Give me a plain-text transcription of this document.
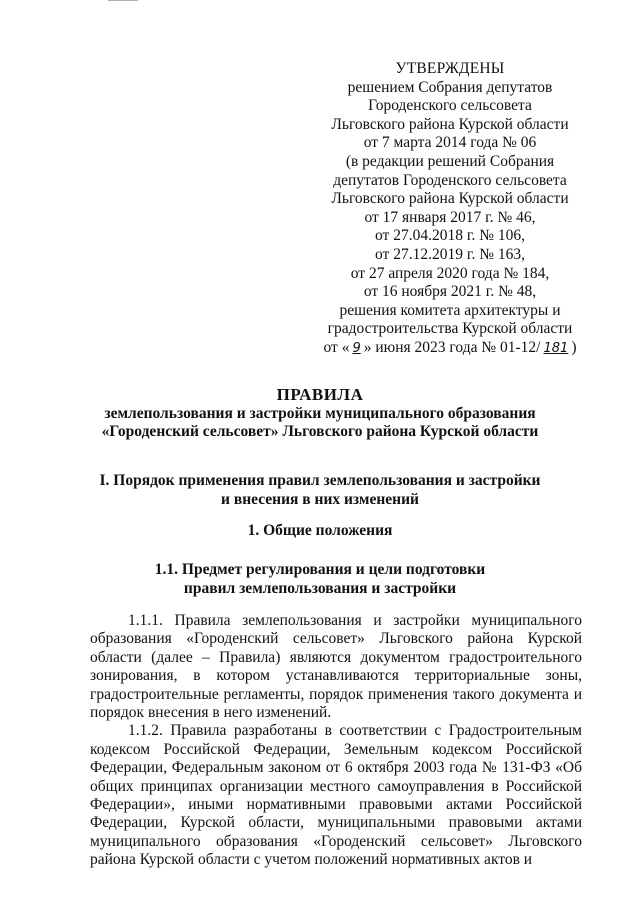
УТВЕРЖДЕНЫ
решением Собрания депутатов
Городенского сельсовета
Льговского района Курской области
от 7 марта 2014 года № 06
(в редакции решений Собрания
депутатов Городенского сельсовета
Льговского района Курской области
от 17 января 2017 г. № 46,
от 27.04.2018 г. № 106,
от 27.12.2019 г. № 163,
от 27 апреля 2020 года № 184,
от 16 ноября 2021 г. № 48,
решения комитета архитектуры и
градостроительства Курской области
от « 9 » июня 2023 года № 01-12/ 181 )
ПРАВИЛА
землепользования и застройки муниципального образования
«Городенский сельсовет» Льговского района Курской области
I. Порядок применения правил землепользования и застройки
и внесения в них изменений
1. Общие положения
1.1. Предмет регулирования и цели подготовки
правил землепользования и застройки

1.1.1. Правила землепользования и застройки муниципального образования «Городенский сельсовет» Льговского района Курской области (далее – Правила) являются документом градостроительного зонирования, в котором устанавливаются территориальные зоны, градостроительные регламенты, порядок применения такого документа и порядок внесения в него изменений.

1.1.2. Правила разработаны в соответствии с Градостроительным кодексом Российской Федерации, Земельным кодексом Российской Федерации, Федеральным законом от 6 октября 2003 года № 131-ФЗ «Об общих принципах организации местного самоуправления в Российской Федерации», иными нормативными правовыми актами Российской Федерации, Курской области, муниципальными правовыми актами муниципального образования «Городенский сельсовет» Льговского района Курской области с учетом положений нормативных актов и
